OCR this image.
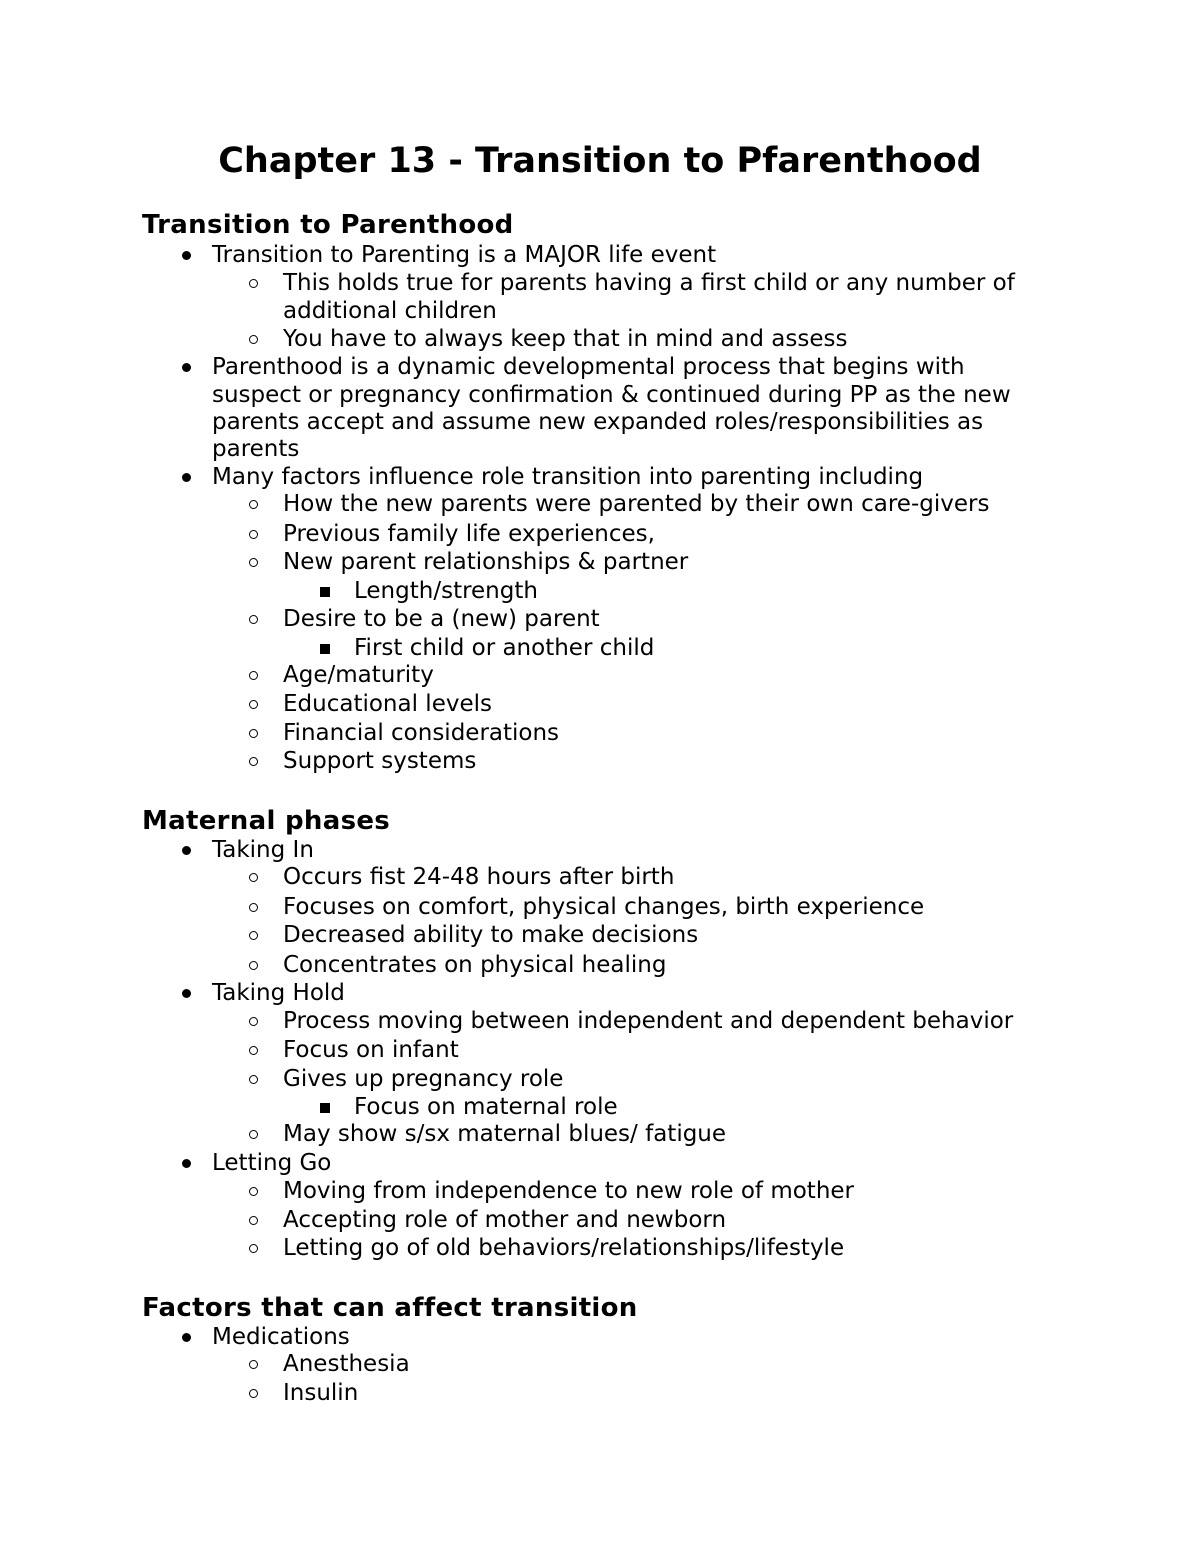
Chapter 13 - Transition to Pfarenthood
Transition to Parenthood
Transition to Parenting is a MAJOR life event
This holds true for parents having a first child or any number of
additional children
You have to always keep that in mind and assess
Parenthood is a dynamic developmental process that begins with
suspect or pregnancy confirmation & continued during PP as the new
parents accept and assume new expanded roles/responsibilities as
parents
Many factors influence role transition into parenting including
How the new parents were parented by their own care-givers
Previous family life experiences,
New parent relationships & partner
Length/strength
Desire to be a (new) parent
First child or another child
Age/maturity
Educational levels
Financial considerations
Support systems
Maternal phases
Taking In
Occurs fist 24-48 hours after birth
Focuses on comfort, physical changes, birth experience
Decreased ability to make decisions
Concentrates on physical healing
Taking Hold
Process moving between independent and dependent behavior
Focus on infant
Gives up pregnancy role
Focus on maternal role
May show s/sx maternal blues/ fatigue
Letting Go
Moving from independence to new role of mother
Accepting role of mother and newborn
Letting go of old behaviors/relationships/lifestyle
Factors that can affect transition
Medications
Anesthesia
Insulin
